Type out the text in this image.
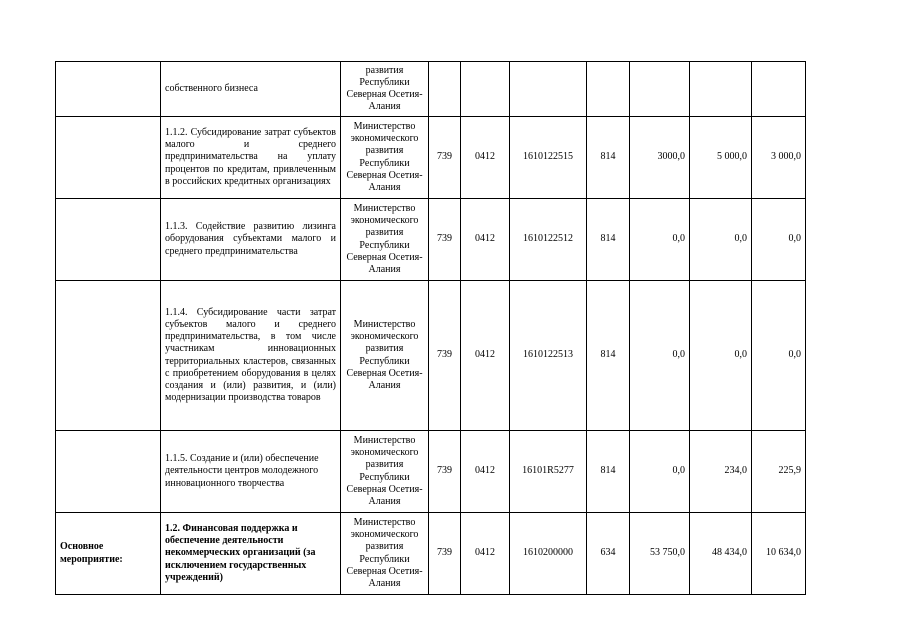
	собственного бизнеса	развития Республики Северная Осетия-Алания							
	1.1.2. Субсидирование затрат субъектов малого и среднего предпринимательства на уплату процентов по кредитам, привлеченным в российских кредитных организациях	Министерство экономического развития Республики Северная Осетия-Алания	739	0412	1610122515	814	3000,0	5 000,0	3 000,0
	1.1.3. Содействие развитию лизинга оборудования субъектами малого и среднего предпринимательства	Министерство экономического развития Республики Северная Осетия-Алания	739	0412	1610122512	814	0,0	0,0	0,0
	1.1.4. Субсидирование части затрат субъектов малого и среднего предпринимательства, в том числе участникам инновационных территориальных кластеров, связанных с приобретением оборудования в целях создания и (или) развития, и (или) модернизации производства товаров	Министерство экономического развития Республики Северная Осетия-Алания	739	0412	1610122513	814	0,0	0,0	0,0
	1.1.5. Создание и (или) обеспечение деятельности центров молодежного инновационного творчества	Министерство экономического развития Республики Северная Осетия-Алания	739	0412	16101R5277	814	0,0	234,0	225,9
Основное мероприятие:	1.2. Финансовая поддержка и обеспечение деятельности некоммерческих организаций (за исключением государственных учреждений)	Министерство экономического развития Республики Северная Осетия-Алания	739	0412	1610200000	634	53 750,0	48 434,0	10 634,0
